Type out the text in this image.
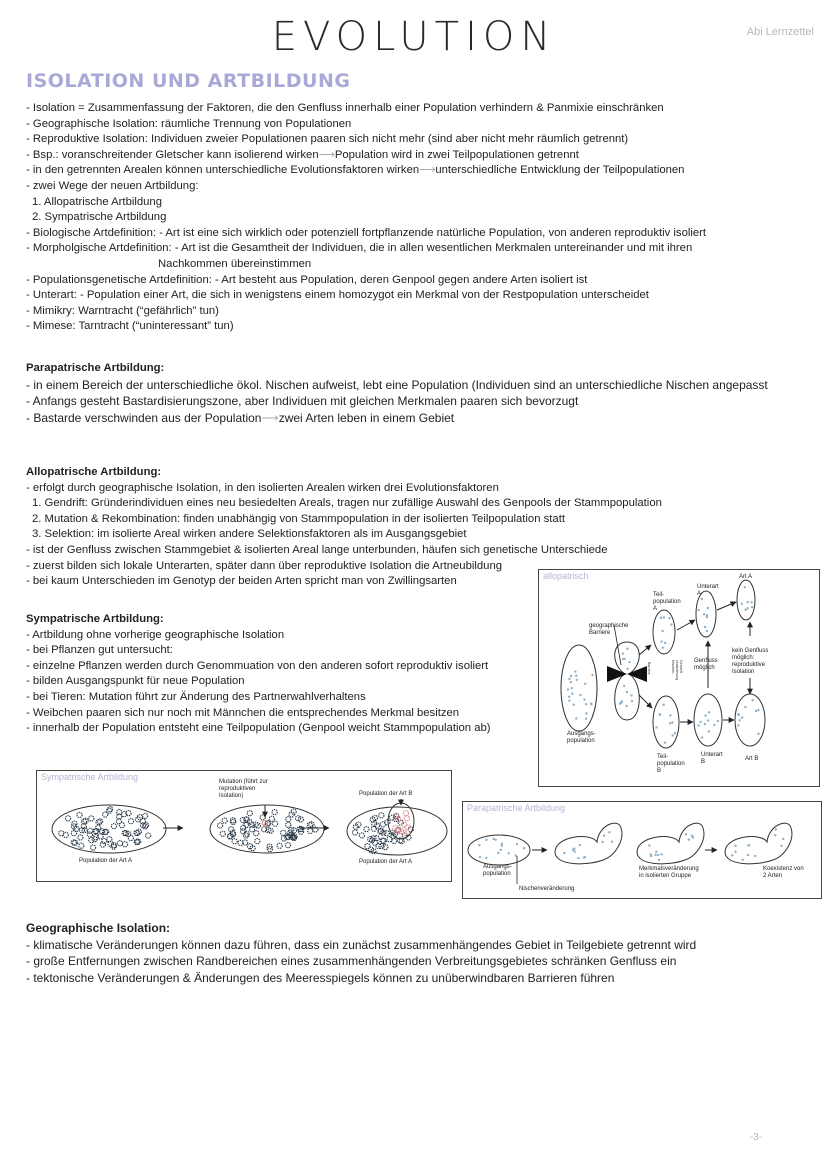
EVOLUTION	Abi Lernzettel
ISOLATION UND ARTBILDUNG
- Isolation = Zusammenfassung der Faktoren, die den Genfluss innerhalb einer Population verhindern & Panmixie einschränken
- Geographische Isolation: räumliche Trennung von Populationen
- Reproduktive Isolation: Individuen zweier Populationen paaren sich nicht mehr (sind aber nicht mehr räumlich getrennt)
- Bsp.: voranschreitender Gletscher kann isolierend wirken⟶Population wird in zwei Teilpopulationen getrennt
- in den getrennten Arealen können unterschiedliche Evolutionsfaktoren wirken⟶unterschiedliche Entwicklung der Teilpopulationen
- zwei Wege der neuen Artbildung:
1. Allopatrische Artbildung
2. Sympatrische Artbildung
- Biologische Artdefinition: - Art ist eine sich wirklich oder potenziell fortpflanzende natürliche Population, von anderen reproduktiv isoliert
- Morpholgische Artdefinition: - Art ist die Gesamtheit der Individuen, die in allen wesentlichen Merkmalen untereinander und mit ihren
Nachkommen übereinstimmen
- Populationsgenetische Artdefinition: - Art besteht aus Population, deren Genpool gegen andere Arten isoliert ist
- Unterart: - Population einer Art, die sich in wenigstens einem homozygot ein Merkmal von der Restpopulation unterscheidet
- Mimikry: Warntracht (“gefährlich” tun)
- Mimese: Tarntracht (“uninteressant” tun)
Parapatrische Artbildung:
- in einem Bereich der unterschiedliche ökol. Nischen aufweist, lebt eine Population (Individuen sind an unterschiedliche Nischen angepasst
- Anfangs gesteht Bastardisierungszone, aber Individuen mit gleichen Merkmalen paaren sich bevorzugt
- Bastarde verschwinden aus der Population⟶zwei Arten leben in einem Gebiet
Allopatrische Artbildung:
- erfolgt durch geographische Isolation, in den isolierten Arealen wirken drei Evolutionsfaktoren
1. Gendrift: Gründerindividuen eines neu besiedelten Areals, tragen nur zufällige Auswahl des Genpools der Stammpopulation
2. Mutation & Rekombination: finden unabhängig von Stammpopulation in der isolierten Teilpopulation statt
3. Selektion: im isolierte Areal wirken andere Selektionsfaktoren als im Ausgangsgebiet
- ist der Genfluss zwischen Stammgebiet & isolierten Areal lange unterbunden, häufen sich genetische Unterschiede
- zuerst bilden sich lokale Unterarten, später dann über reproduktive Isolation die Artneubildung
- bei kaum Unterschieden im Genotyp der beiden Arten spricht man von Zwillingsarten
Sympatrische Artbildung:
- Artbildung ohne vorherige geographische Isolation
- bei Pflanzen gut untersucht:
- einzelne Pflanzen werden durch Genommuation von den anderen sofort reproduktiv isoliert
- bilden Ausgangspunkt für neue Population
- bei Tieren: Mutation führt zur Änderung des Partnerwahlverhaltens
- Weibchen paaren sich nur noch mit Männchen die entsprechendes Merkmal besitzen
- innerhalb der Population entsteht eine Teilpopulation (Genpool weicht Stammpopulation ab)
Geographische Isolation:
- klimatische Veränderungen können dazu führen, dass ein zunächst zusammenhängendes Gebiet in Teilgebiete getrennt wird
- große Entfernungen zwischen Randbereichen eines zusammenhängenden Verbreitungsgebietes schränken Genfluss ein
- tektonische Veränderungen & Änderungen des Meeresspiegels können zu unüberwindbaren Barrieren führen
allopatrisch
geographische
Barriere
Teil-
population
A
Unterart
A
Art A
Genfluss
möglich
kein Genfluss
möglich:
reproduktive
Isolation
Ausgangs-
population
Teil-
population
B
Unterart
B	Art B
Barriere	Nischen- veränderung Gendrift
Sympatrische Artbildung	Mutation (führt zur
reproduktiven
Isolation)	Population der Art B
Population der Art A	Population der Art A
Parapatrische Artbildung
Ausgangs-
population
Nischenveränderung
Merkmalsveränderung
in isolierten Gruppe
Koexistenz von
2 Arten
-3-
